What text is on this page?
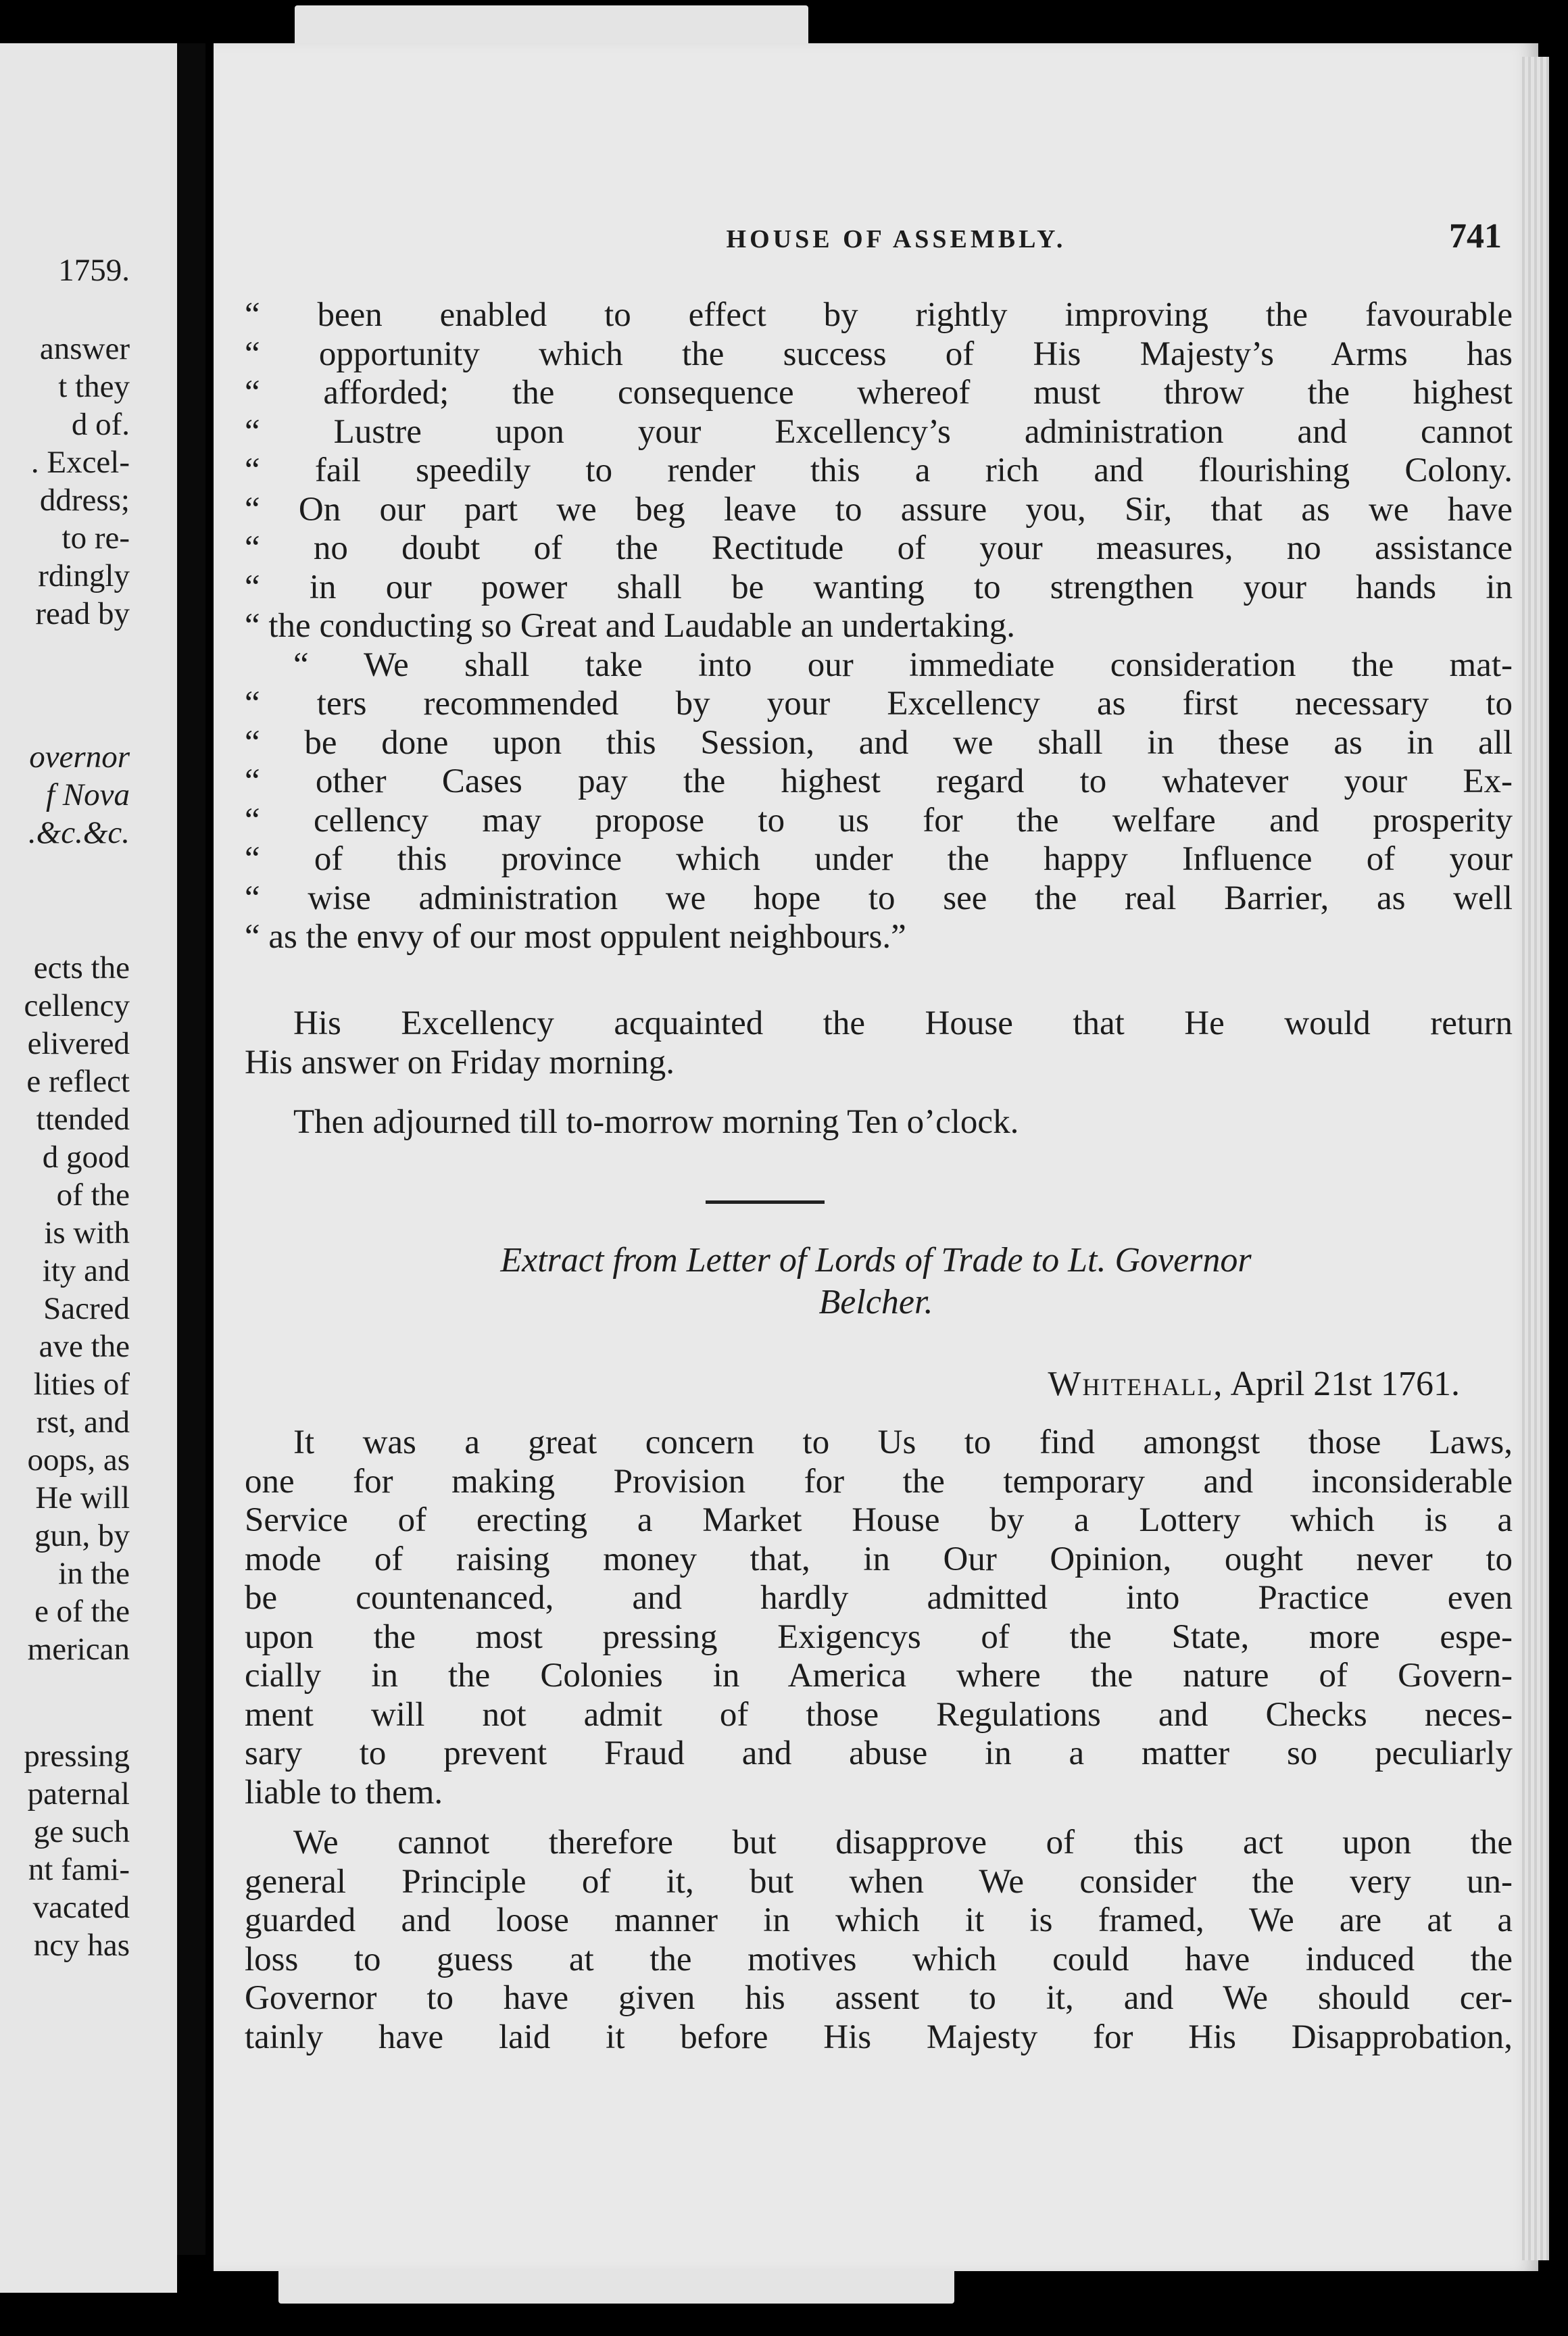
1759.
answer
t they
d of.
. Excel-
ddress;
to re-
rdingly
read by
overnor
f Nova
.&c.&c.
ects the
cellency
elivered
e reflect
ttended
d good
of the
is with
ity and
Sacred
ave the
lities of
rst, and
oops, as
He will
gun, by
in the
e of the
merican
pressing
paternal
ge such
nt fami-
vacated
ncy has
HOUSE OF ASSEMBLY.	741
“ been enabled to effect by rightly improving the favourable
“ opportunity which the success of His Majesty’s Arms has
“ afforded; the consequence whereof must throw the highest
“ Lustre upon your Excellency’s administration and cannot
“ fail speedily to render this a rich and flourishing Colony.
“ On our part we beg leave to assure you, Sir, that as we have
“ no doubt of the Rectitude of your measures, no assistance
“ in our power shall be wanting to strengthen your hands in
“ the conducting so Great and Laudable an undertaking.
“ We shall take into our immediate consideration the mat-
“ ters recommended by your Excellency as first necessary to
“ be done upon this Session, and we shall in these as in all
“ other Cases pay the highest regard to whatever your Ex-
“ cellency may propose to us for the welfare and prosperity
“ of this province which under the happy Influence of your
“ wise administration we hope to see the real Barrier, as well
“ as the envy of our most oppulent neighbours.”
His Excellency acquainted the House that He would return
His answer on Friday morning.
Then adjourned till to-morrow morning Ten o’clock.
Extract from Letter of Lords of Trade to Lt. Governor
Belcher.
Whitehall, April 21st 1761.
It was a great concern to Us to find amongst those Laws,
one for making Provision for the temporary and inconsiderable
Service of erecting a Market House by a Lottery which is a
mode of raising money that, in Our Opinion, ought never to
be countenanced, and hardly admitted into Practice even
upon the most pressing Exigencys of the State, more espe-
cially in the Colonies in America where the nature of Govern-
ment will not admit of those Regulations and Checks neces-
sary to prevent Fraud and abuse in a matter so peculiarly
liable to them.
We cannot therefore but disapprove of this act upon the
general Principle of it, but when We consider the very un-
guarded and loose manner in which it is framed, We are at a
loss to guess at the motives which could have induced the
Governor to have given his assent to it, and We should cer-
tainly have laid it before His Majesty for His Disapprobation,
